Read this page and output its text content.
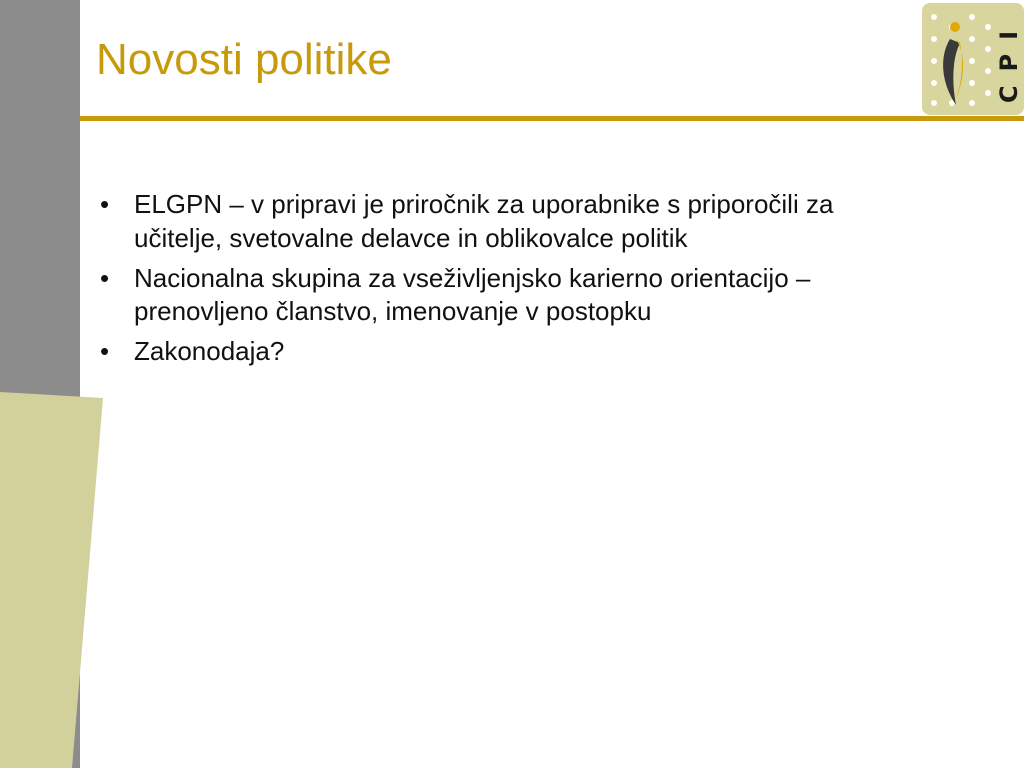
Novosti politike	CPI
• ELGPN – v pripravi je priročnik za uporabnike s priporočili za učitelje, svetovalne delavce in oblikovalce politik
• Nacionalna skupina za vseživljenjsko karierno orientacijo – prenovljeno članstvo, imenovanje v postopku
• Zakonodaja?
